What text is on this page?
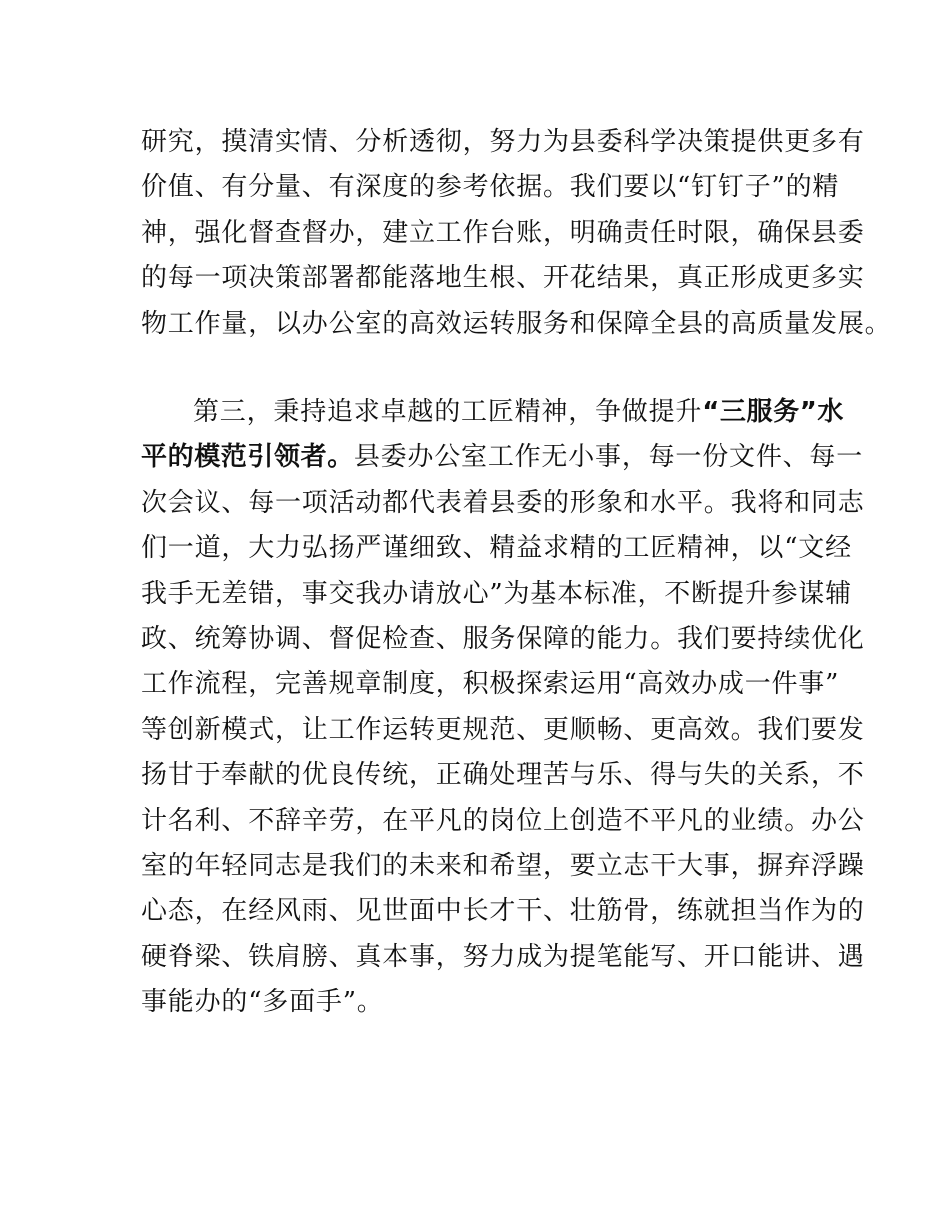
研究，摸清实情、分析透彻，努力为县委科学决策提供更多有
价值、有分量、有深度的参考依据。我们要以“钉钉子”的精
神，强化督查督办，建立工作台账，明确责任时限，确保县委
的每一项决策部署都能落地生根、开花结果，真正形成更多实
物工作量，以办公室的高效运转服务和保障全县的高质量发展。
第三，秉持追求卓越的工匠精神，争做提升“三服务”水
平的模范引领者。县委办公室工作无小事，每一份文件、每一
次会议、每一项活动都代表着县委的形象和水平。我将和同志
们一道，大力弘扬严谨细致、精益求精的工匠精神，以“文经
我手无差错，事交我办请放心”为基本标准，不断提升参谋辅
政、统筹协调、督促检查、服务保障的能力。我们要持续优化
工作流程，完善规章制度，积极探索运用“高效办成一件事”
等创新模式，让工作运转更规范、更顺畅、更高效。我们要发
扬甘于奉献的优良传统，正确处理苦与乐、得与失的关系，不
计名利、不辞辛劳，在平凡的岗位上创造不平凡的业绩。办公
室的年轻同志是我们的未来和希望，要立志干大事，摒弃浮躁
心态，在经风雨、见世面中长才干、壮筋骨，练就担当作为的
硬脊梁、铁肩膀、真本事，努力成为提笔能写、开口能讲、遇
事能办的“多面手”。
